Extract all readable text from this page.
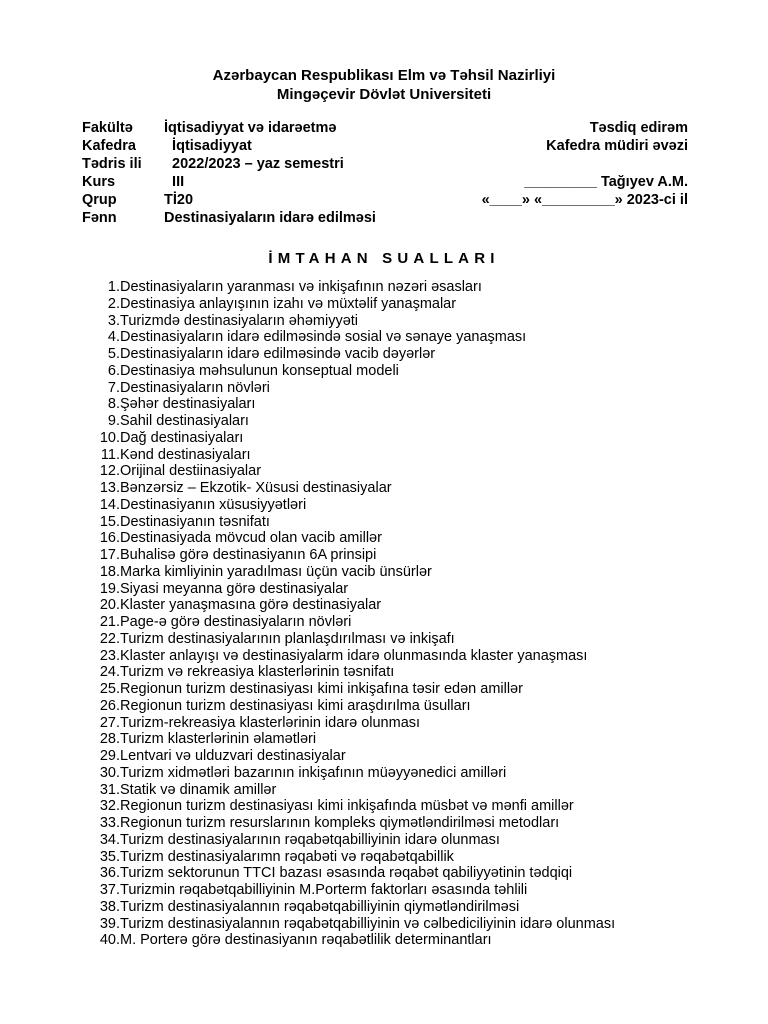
Azərbaycan Respublikası Elm və Təhsil Nazirliyi
Mingəçevir Dövlət Universiteti
Fakültə İqtisadiyyat və idarəetmə	Təsdiq edirəm
Kafedra İqtisadiyyat	Kafedra müdiri əvəzi
Tədris ili 2022/2023 – yaz semestri
Kurs	III	_________ Tağıyev A.M.
Qrup	Tİ20	«____» «_________» 2023-ci il
Fənn	Destinasiyaların idarə edilməsi
İMTAHAN SUALLARI
1.Destinasiyaların yaranması və inkişafının nəzəri əsasları
2.Destinasiya anlayışının izahı və müxtəlif yanaşmalar
3.Turizmdə destinasiyaların əhəmiyyəti
4.Destinasiyaların idarə edilməsində sosial və sənaye yanaşması
5.Destinasiyaların idarə edilməsində vacib dəyərlər
6.Destinasiya məhsulunun konseptual modeli
7.Destinasiyaların növləri
8.Şəhər destinasiyaları
9.Sahil destinasiyaları
10.Dağ destinasiyaları
11.Kənd destinasiyaları
12.Orijinal destiinasiyalar
13.Bənzərsiz – Ekzotik- Xüsusi destinasiyalar
14.Destinasiyanın xüsusiyyətləri
15.Destinasiyanın təsnifatı
16.Destinasiyada mövcud olan vacib amillər
17.Buhalisə görə destinasiyanın 6A prinsipi
18.Marka kimliyinin yaradılması üçün vacib ünsürlər
19.Siyasi meyanna görə destinasiyalar
20.Klaster yanaşmasına görə destinasiyalar
21.Page-ə görə destinasiyaların növləri
22.Turizm destinasiyalarının planlaşdırılması və inkişafı
23.Klaster anlayışı və destinasiyalarm idarə olunmasında klaster yanaşması
24.Turizm və rekreasiya klasterlərinin təsnifatı
25.Regionun turizm destinasiyası kimi inkişafına təsir edən amillər
26.Regionun turizm destinasiyası kimi araşdırılma üsulları
27.Turizm-rekreasiya klasterlərinin idarə olunması
28.Turizm klasterlərinin əlamətləri
29.Lentvari və ulduzvari destinasiyalar
30.Turizm xidmətləri bazarının inkişafının müəyyənedici amilləri
31.Statik və dinamik amillər
32.Regionun turizm destinasiyası kimi inkişafında müsbət və mənfi amillər
33.Regionun turizm resurslarının kompleks qiymətləndirilməsi metodları
34.Turizm destinasiyalarının rəqabətqabilliyinin idarə olunması
35.Turizm destinasiyalarımn rəqabəti və rəqabətqabillik
36.Turizm sektorunun TTCI bazası əsasında rəqabət qabiliyyətinin tədqiqi
37.Turizmin rəqabətqabilliyinin M.Porterm faktorları əsasında təhlili
38.Turizm destinasiyalannın rəqabətqabilliyinin qiymətləndirilməsi
39.Turizm destinasiyalannın rəqabətqabilliyinin və cəlbediciliyinin idarə olunması
40.M. Porterə görə destinasiyanın rəqabətlilik determinantları
